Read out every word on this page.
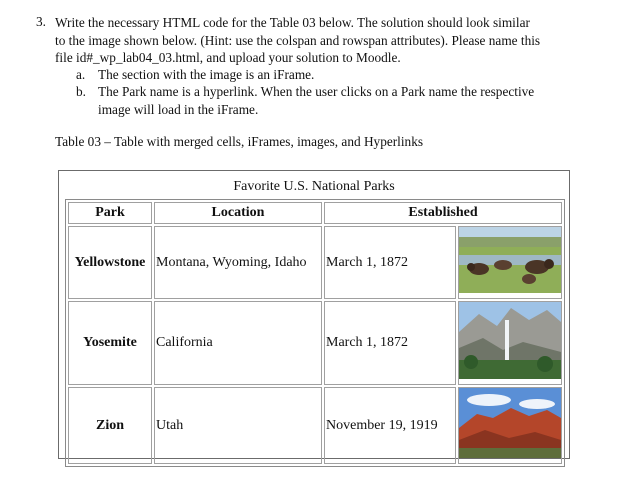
3. Write the necessary HTML code for the Table 03 below. The solution should look similar
to the image shown below. (Hint: use the colspan and rowspan attributes). Please name this
file id#_wp_lab04_03.html, and upload your solution to Moodle.
a. The section with the image is an iFrame.
b. The Park name is a hyperlink. When the user clicks on a Park name the respective
image will load in the iFrame.
Table 03 – Table with merged cells, iFrames, images, and Hyperlinks
Favorite U.S. National Parks
Park	Location	Established	
Yellowstone	Montana, Wyoming, Idaho	March 1, 1872	
Yosemite	California	March 1, 1872	
Zion	Utah	November 19, 1919	
